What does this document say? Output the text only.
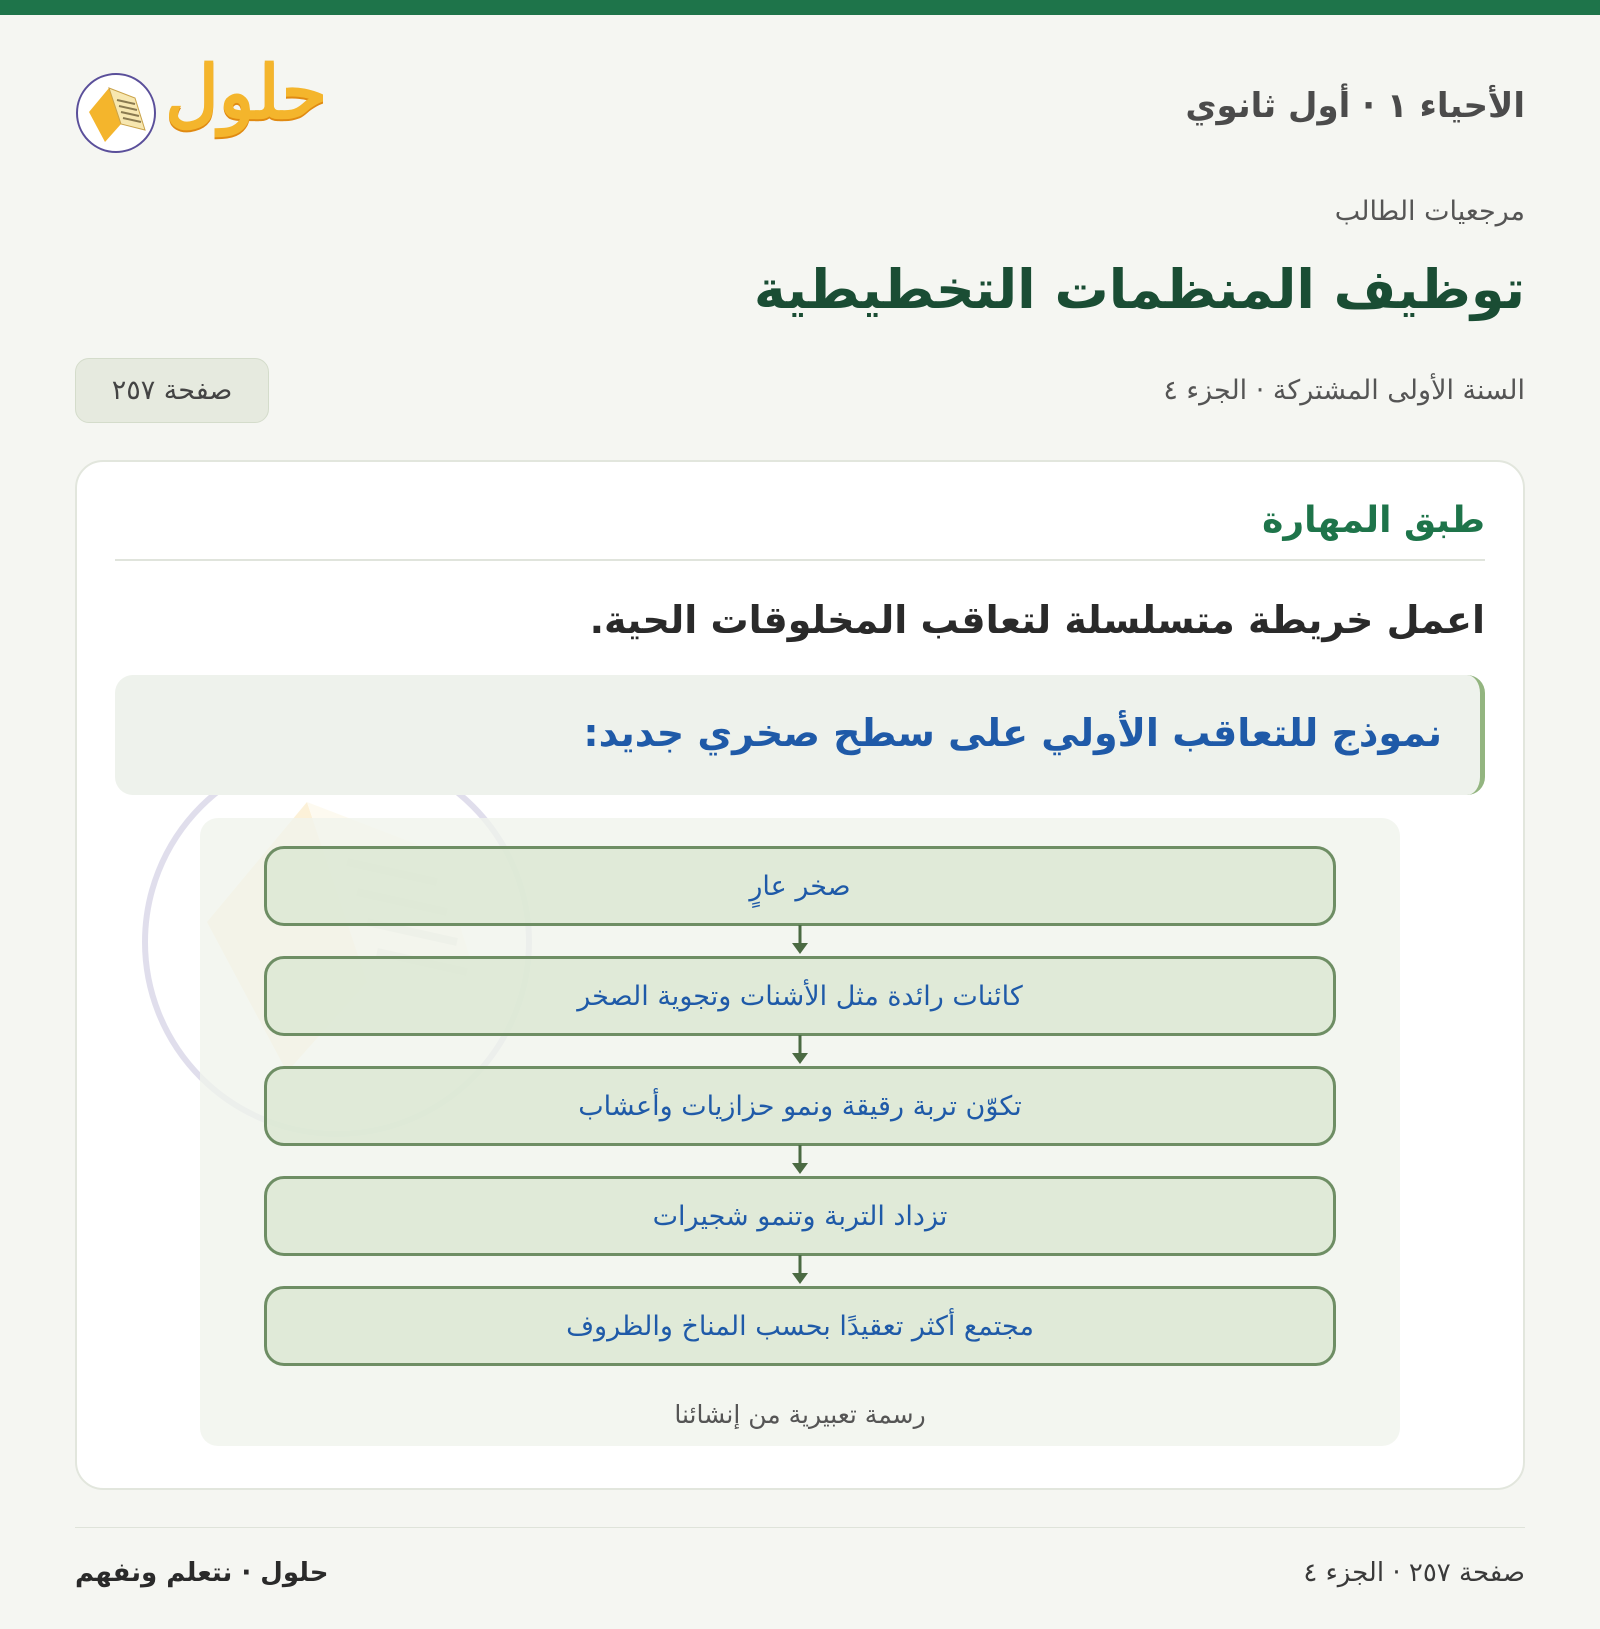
حلول	الأحياء ١ · أول ثانوي
مرجعيات الطالب
توظيف المنظمات التخطيطية
السنة الأولى المشتركة · الجزء ٤
صفحة ٢٥٧
طبق المهارة
اعمل خريطة متسلسلة لتعاقب المخلوقات الحية.
نموذج للتعاقب الأولي على سطح صخري جديد:
صخر عارٍ
كائنات رائدة مثل الأشنات وتجوية الصخر
تكوّن تربة رقيقة ونمو حزازيات وأعشاب
تزداد التربة وتنمو شجيرات
مجتمع أكثر تعقيدًا بحسب المناخ والظروف
رسمة تعبيرية من إنشائنا
حلول · نتعلم ونفهم	صفحة ٢٥٧ · الجزء ٤
